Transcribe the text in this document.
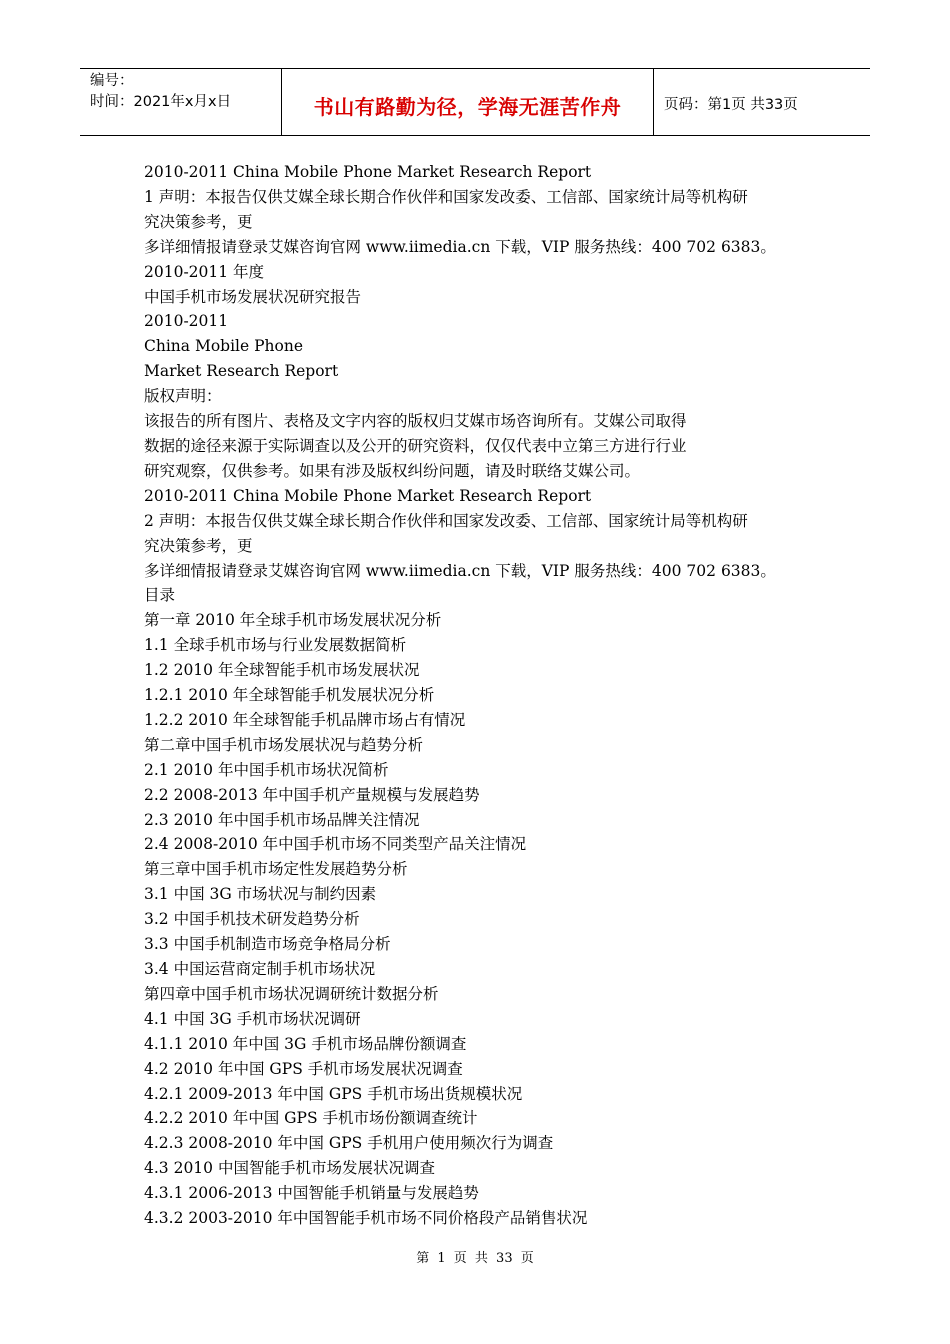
编号：
时间：2021年x月x日	书山有路勤为径，学海无涯苦作舟	页码：第1页 共33页
2010-2011 China Mobile Phone Market Research Report
1 声明：本报告仅供艾媒全球长期合作伙伴和国家发改委、工信部、国家统计局等机构研
究决策参考，更
多详细情报请登录艾媒咨询官网 www.iimedia.cn 下载，VIP 服务热线：400 702 6383。
2010-2011 年度
中国手机市场发展状况研究报告
2010-2011
China Mobile Phone
Market Research Report
版权声明：
该报告的所有图片、表格及文字内容的版权归艾媒市场咨询所有。艾媒公司取得
数据的途径来源于实际调查以及公开的研究资料，仅仅代表中立第三方进行行业
研究观察，仅供参考。如果有涉及版权纠纷问题，请及时联络艾媒公司。
2010-2011 China Mobile Phone Market Research Report
2 声明：本报告仅供艾媒全球长期合作伙伴和国家发改委、工信部、国家统计局等机构研
究决策参考，更
多详细情报请登录艾媒咨询官网 www.iimedia.cn 下载，VIP 服务热线：400 702 6383。
目录
第一章 2010 年全球手机市场发展状况分析
1.1 全球手机市场与行业发展数据简析
1.2 2010 年全球智能手机市场发展状况
1.2.1 2010 年全球智能手机发展状况分析
1.2.2 2010 年全球智能手机品牌市场占有情况
第二章中国手机市场发展状况与趋势分析
2.1 2010 年中国手机市场状况简析
2.2 2008-2013 年中国手机产量规模与发展趋势
2.3 2010 年中国手机市场品牌关注情况
2.4 2008-2010 年中国手机市场不同类型产品关注情况
第三章中国手机市场定性发展趋势分析
3.1 中国 3G 市场状况与制约因素
3.2 中国手机技术研发趋势分析
3.3 中国手机制造市场竞争格局分析
3.4 中国运营商定制手机市场状况
第四章中国手机市场状况调研统计数据分析
4.1 中国 3G 手机市场状况调研
4.1.1 2010 年中国 3G 手机市场品牌份额调查
4.2 2010 年中国 GPS 手机市场发展状况调查
4.2.1 2009-2013 年中国 GPS 手机市场出货规模状况
4.2.2 2010 年中国 GPS 手机市场份额调查统计
4.2.3 2008-2010 年中国 GPS 手机用户使用频次行为调查
4.3 2010 中国智能手机市场发展状况调查
4.3.1 2006-2013 中国智能手机销量与发展趋势
4.3.2 2003-2010 年中国智能手机市场不同价格段产品销售状况
第 1 页 共 33 页
